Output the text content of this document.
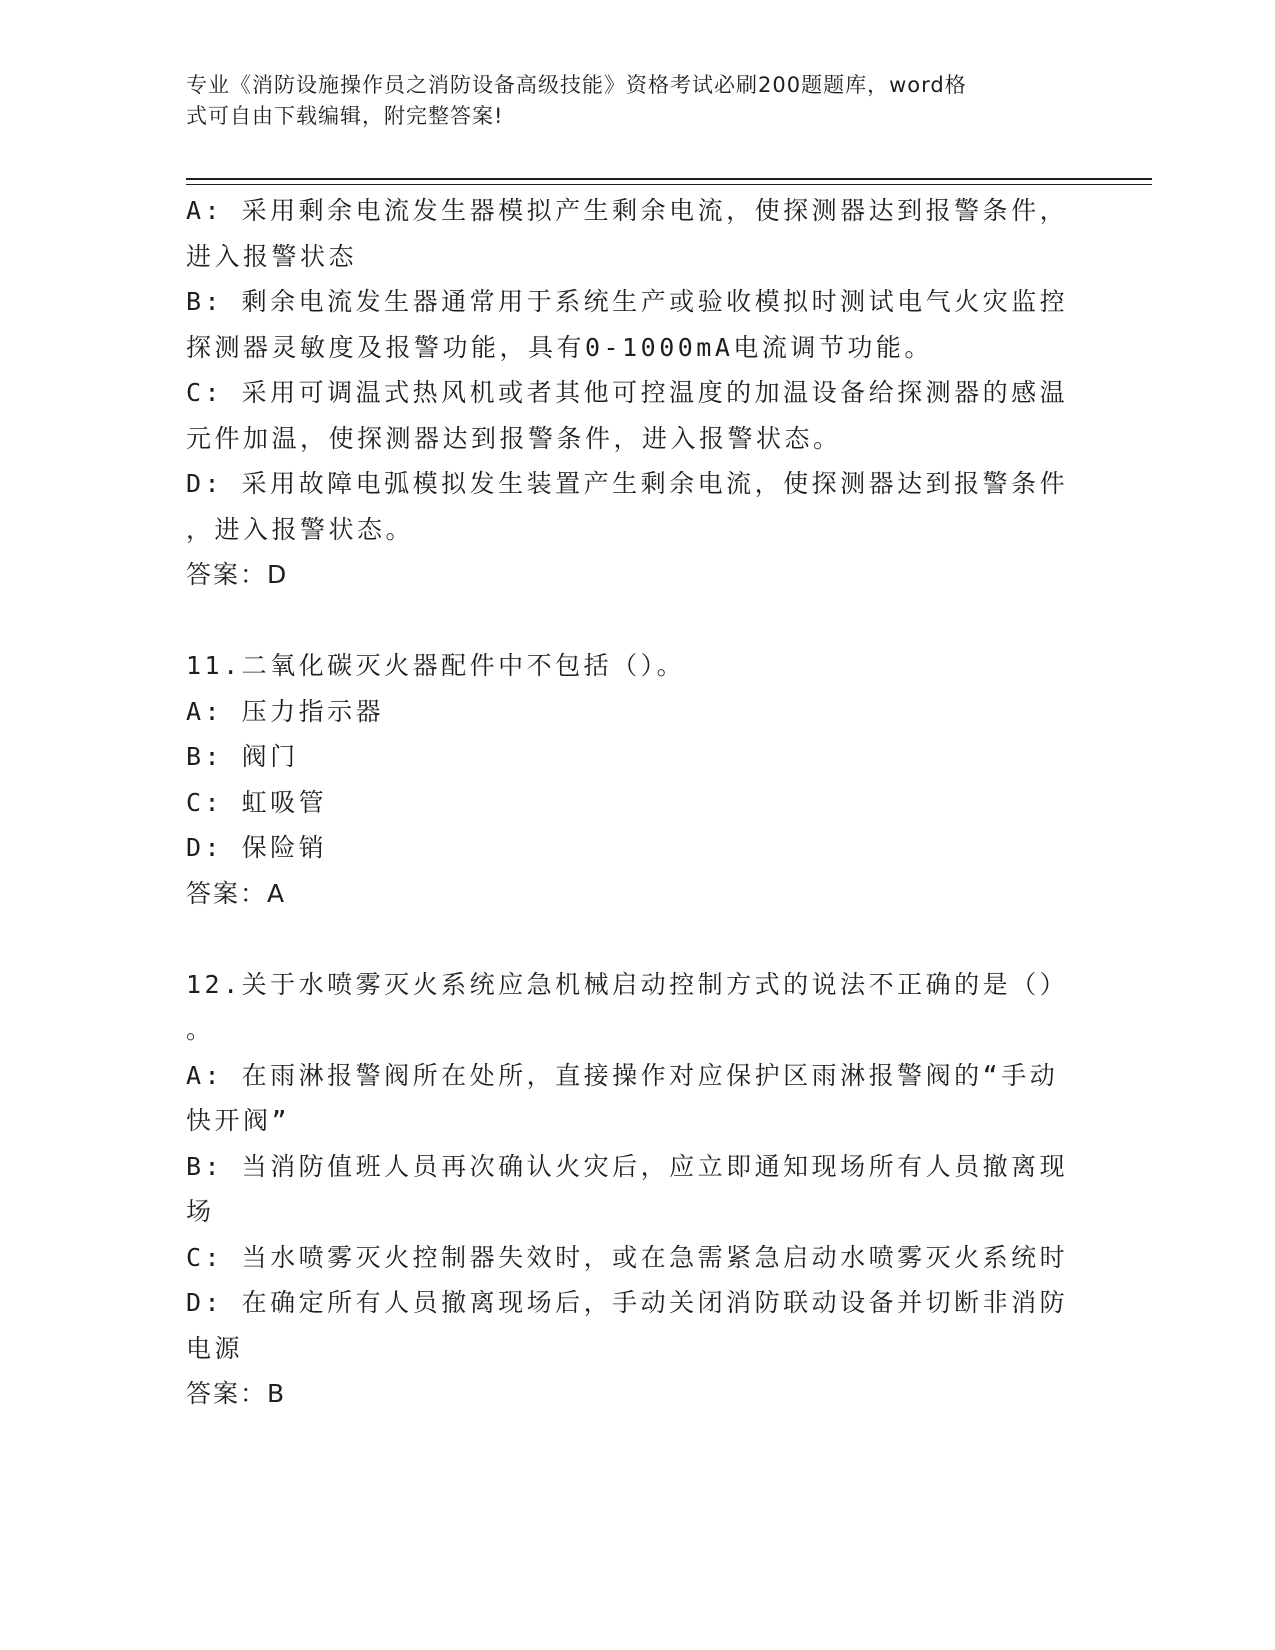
专业《消防设施操作员之消防设备高级技能》资格考试必刷200题题库，word格
式可自由下载编辑，附完整答案!
A: 采用剩余电流发生器模拟产生剩余电流，使探测器达到报警条件，
进入报警状态
B: 剩余电流发生器通常用于系统生产或验收模拟时测试电气火灾监控
探测器灵敏度及报警功能，具有0-1000mA电流调节功能。
C: 采用可调温式热风机或者其他可控温度的加温设备给探测器的感温
元件加温，使探测器达到报警条件，进入报警状态。
D: 采用故障电弧模拟发生装置产生剩余电流，使探测器达到报警条件
，进入报警状态。
答案：D
11.二氧化碳灭火器配件中不包括（）。
A: 压力指示器
B: 阀门
C: 虹吸管
D: 保险销
答案：A
12.关于水喷雾灭火系统应急机械启动控制方式的说法不正确的是（）
。
A: 在雨淋报警阀所在处所，直接操作对应保护区雨淋报警阀的“手动
快开阀”
B: 当消防值班人员再次确认火灾后，应立即通知现场所有人员撤离现
场
C: 当水喷雾灭火控制器失效时，或在急需紧急启动水喷雾灭火系统时
D: 在确定所有人员撤离现场后，手动关闭消防联动设备并切断非消防
电源
答案：B
